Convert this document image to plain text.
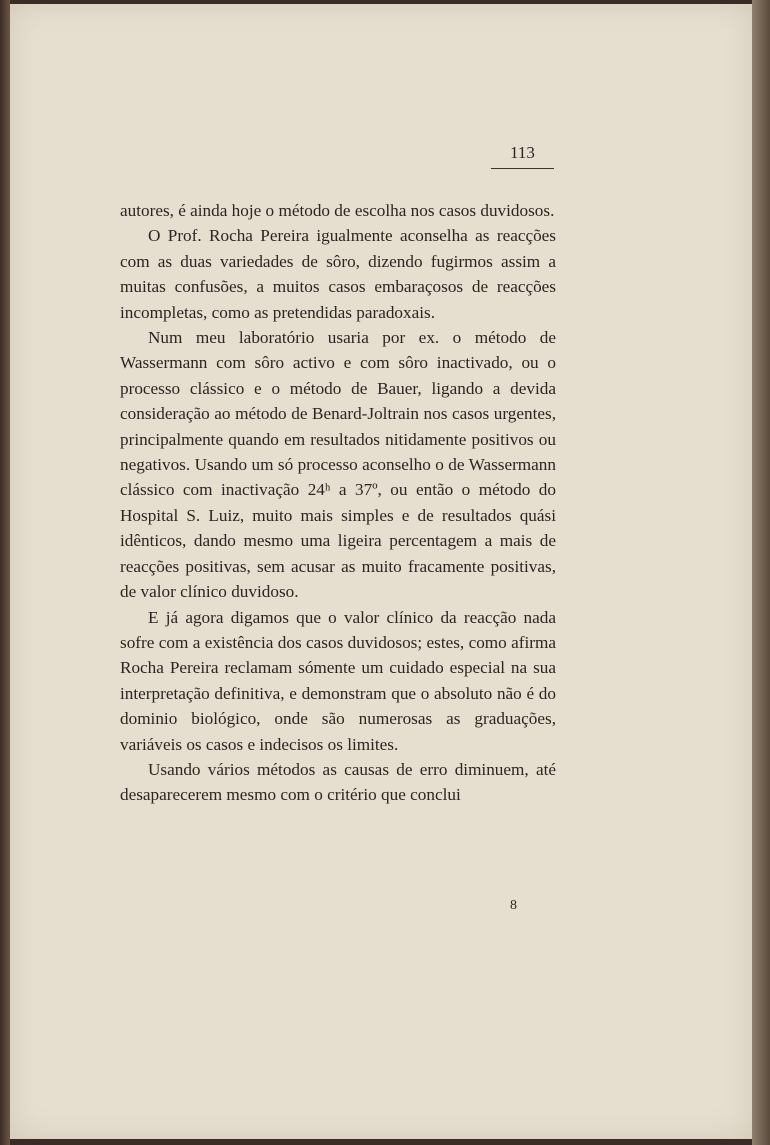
113

autores, é ainda hoje o método de escolha nos casos duvidosos.

O Prof. Rocha Pereira igualmente aconselha as reacções com as duas variedades de sôro, dizendo fugirmos assim a muitas confusões, a muitos casos embaraçosos de reacções incompletas, como as pretendidas paradoxais.

Num meu laboratório usaria por ex. o método de Wassermann com sôro activo e com sôro inactivado, ou o processo clássico e o método de Bauer, ligando a devida consideração ao método de Benard-Joltrain nos casos urgentes, principalmente quando em resultados nitidamente positivos ou negativos. Usando um só processo aconselho o de Wassermann clássico com inactivação 24ʰ a 37º, ou então o método do Hospital S. Luiz, muito mais simples e de resultados quási idênticos, dando mesmo uma ligeira percentagem a mais de reacções positivas, sem acusar as muito fracamente positivas, de valor clínico duvidoso.

E já agora digamos que o valor clínico da reacção nada sofre com a existência dos casos duvidosos; estes, como afirma Rocha Pereira reclamam sómente um cuidado especial na sua interpretação definitiva, e demonstram que o absoluto não é do dominio biológico, onde são numerosas as graduações, variáveis os casos e indecisos os limites.

Usando vários métodos as causas de erro diminuem, até desaparecerem mesmo com o critério que conclui

8
